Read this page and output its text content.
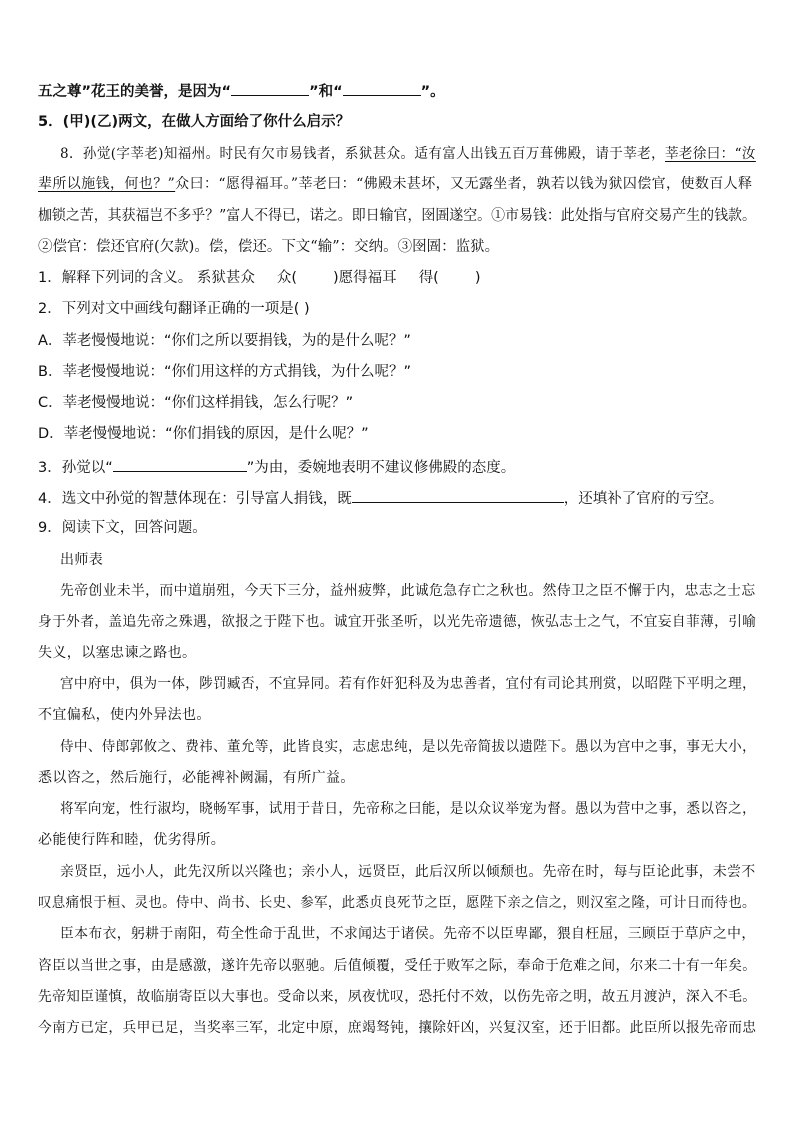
五之尊”花王的美誉，是因为“	”和“	”。
5．(甲)(乙)两文，在做人方面给了你什么启示？
8．孙觉(字莘老)知福州。时民有欠市易钱者，系狱甚众。适有富人出钱五百万葺佛殿，请于莘老，莘老徐曰：“汝
辈所以施钱，何也？”众曰：“愿得福耳。”莘老曰：“佛殿未甚坏，又无露坐者，孰若以钱为狱囚偿官，使数百人释
枷锁之苦，其获福岂不多乎？”富人不得已，诺之。即日输官，囹圄遂空。①市易钱：此处指与官府交易产生的钱款。
②偿官：偿还官府(欠款)。偿，偿还。下文“输”：交纳。③囹圄：监狱。
1．解释下列词的含义。 系狱甚众 众( )愿得福耳 得( )
2．下列对文中画线句翻译正确的一项是( )
A．莘老慢慢地说：“你们之所以要捐钱，为的是什么呢？”
B．莘老慢慢地说：“你们用这样的方式捐钱，为什么呢？”
C．莘老慢慢地说：“你们这样捐钱，怎么行呢？”
D．莘老慢慢地说：“你们捐钱的原因，是什么呢？”
3．孙觉以“	”为由，委婉地表明不建议修佛殿的态度。
4．选文中孙觉的智慧体现在：引导富人捐钱，既	，还填补了官府的亏空。
9．阅读下文，回答问题。
出师表
先帝创业未半，而中道崩殂，今天下三分，益州疲弊，此诚危急存亡之秋也。然侍卫之臣不懈于内，忠志之士忘
身于外者，盖追先帝之殊遇，欲报之于陛下也。诚宜开张圣听，以光先帝遗德，恢弘志士之气，不宜妄自菲薄，引喻
失义，以塞忠谏之路也。
宫中府中，俱为一体，陟罚臧否，不宜异同。若有作奸犯科及为忠善者，宜付有司论其刑赏，以昭陛下平明之理，
不宜偏私，使内外异法也。
侍中、侍郎郭攸之、费祎、董允等，此皆良实，志虑忠纯，是以先帝简拔以遗陛下。愚以为宫中之事，事无大小，
悉以咨之，然后施行，必能裨补阙漏，有所广益。
将军向宠，性行淑均，晓畅军事，试用于昔日，先帝称之曰能，是以众议举宠为督。愚以为营中之事，悉以咨之，
必能使行阵和睦，优劣得所。
亲贤臣，远小人，此先汉所以兴隆也；亲小人，远贤臣，此后汉所以倾颓也。先帝在时，每与臣论此事，未尝不
叹息痛恨于桓、灵也。侍中、尚书、长史、参军，此悉贞良死节之臣，愿陛下亲之信之，则汉室之隆，可计日而待也。
臣本布衣，躬耕于南阳，苟全性命于乱世，不求闻达于诸侯。先帝不以臣卑鄙，猥自枉屈，三顾臣于草庐之中，
咨臣以当世之事，由是感激，遂许先帝以驱驰。后值倾覆，受任于败军之际，奉命于危难之间，尔来二十有一年矣。
先帝知臣谨慎，故临崩寄臣以大事也。受命以来，夙夜忧叹，恐托付不效，以伤先帝之明，故五月渡泸，深入不毛。
今南方已定，兵甲已足，当奖率三军，北定中原，庶竭驽钝，攘除奸凶，兴复汉室，还于旧都。此臣所以报先帝而忠
